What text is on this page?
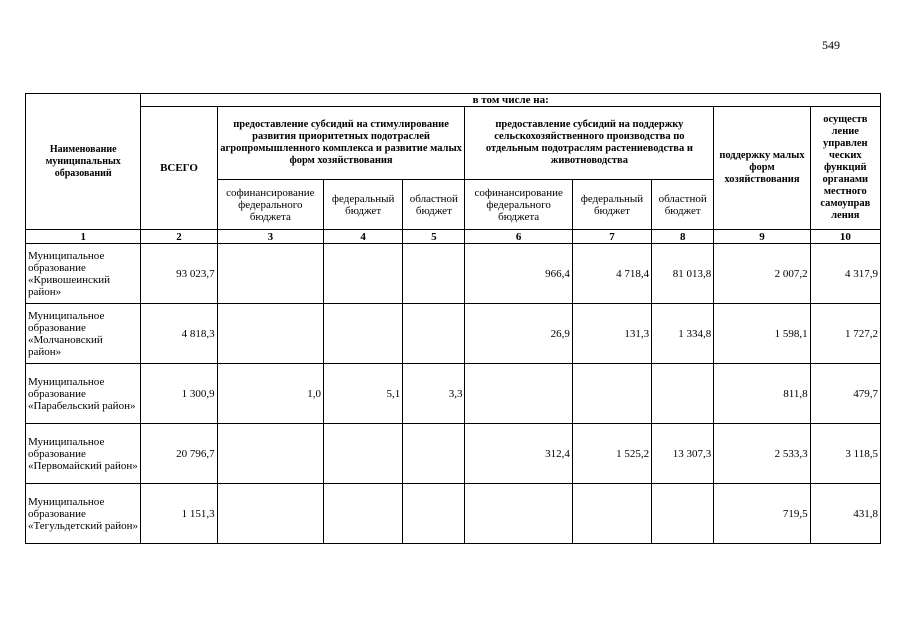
549
Наименование муниципальных образований	в том числе на:								
	ВСЕГО	предоставление субсидий на стимулирование развития приоритетных подотраслей агропромышленного комплекса и развитие малых форм хозяйствования			предоставление субсидий на поддержку сельскохозяйственного производства по отдельным подотраслям растениеводства и животноводства			поддержку малых форм хозяйствования	осуществ ление управлен ческих функций органами местного самоуправ ления
		софинансирование федерального бюджета	федеральный бюджет	областной бюджет	софинансирование федерального бюджета	федеральный бюджет	областной бюджет		
1	2	3	4	5	6	7	8	9	10
Муниципальное образование «Кривошеинский район»	93 023,7				966,4	4 718,4	81 013,8	2 007,2	4 317,9
Муниципальное образование «Молчановский район»	4 818,3				26,9	131,3	1 334,8	1 598,1	1 727,2
Муниципальное образование «Парабельский район»	1 300,9	1,0	5,1	3,3				811,8	479,7
Муниципальное образование «Первомайский район»	20 796,7				312,4	1 525,2	13 307,3	2 533,3	3 118,5
Муниципальное образование «Тегульдетский район»	1 151,3							719,5	431,8
